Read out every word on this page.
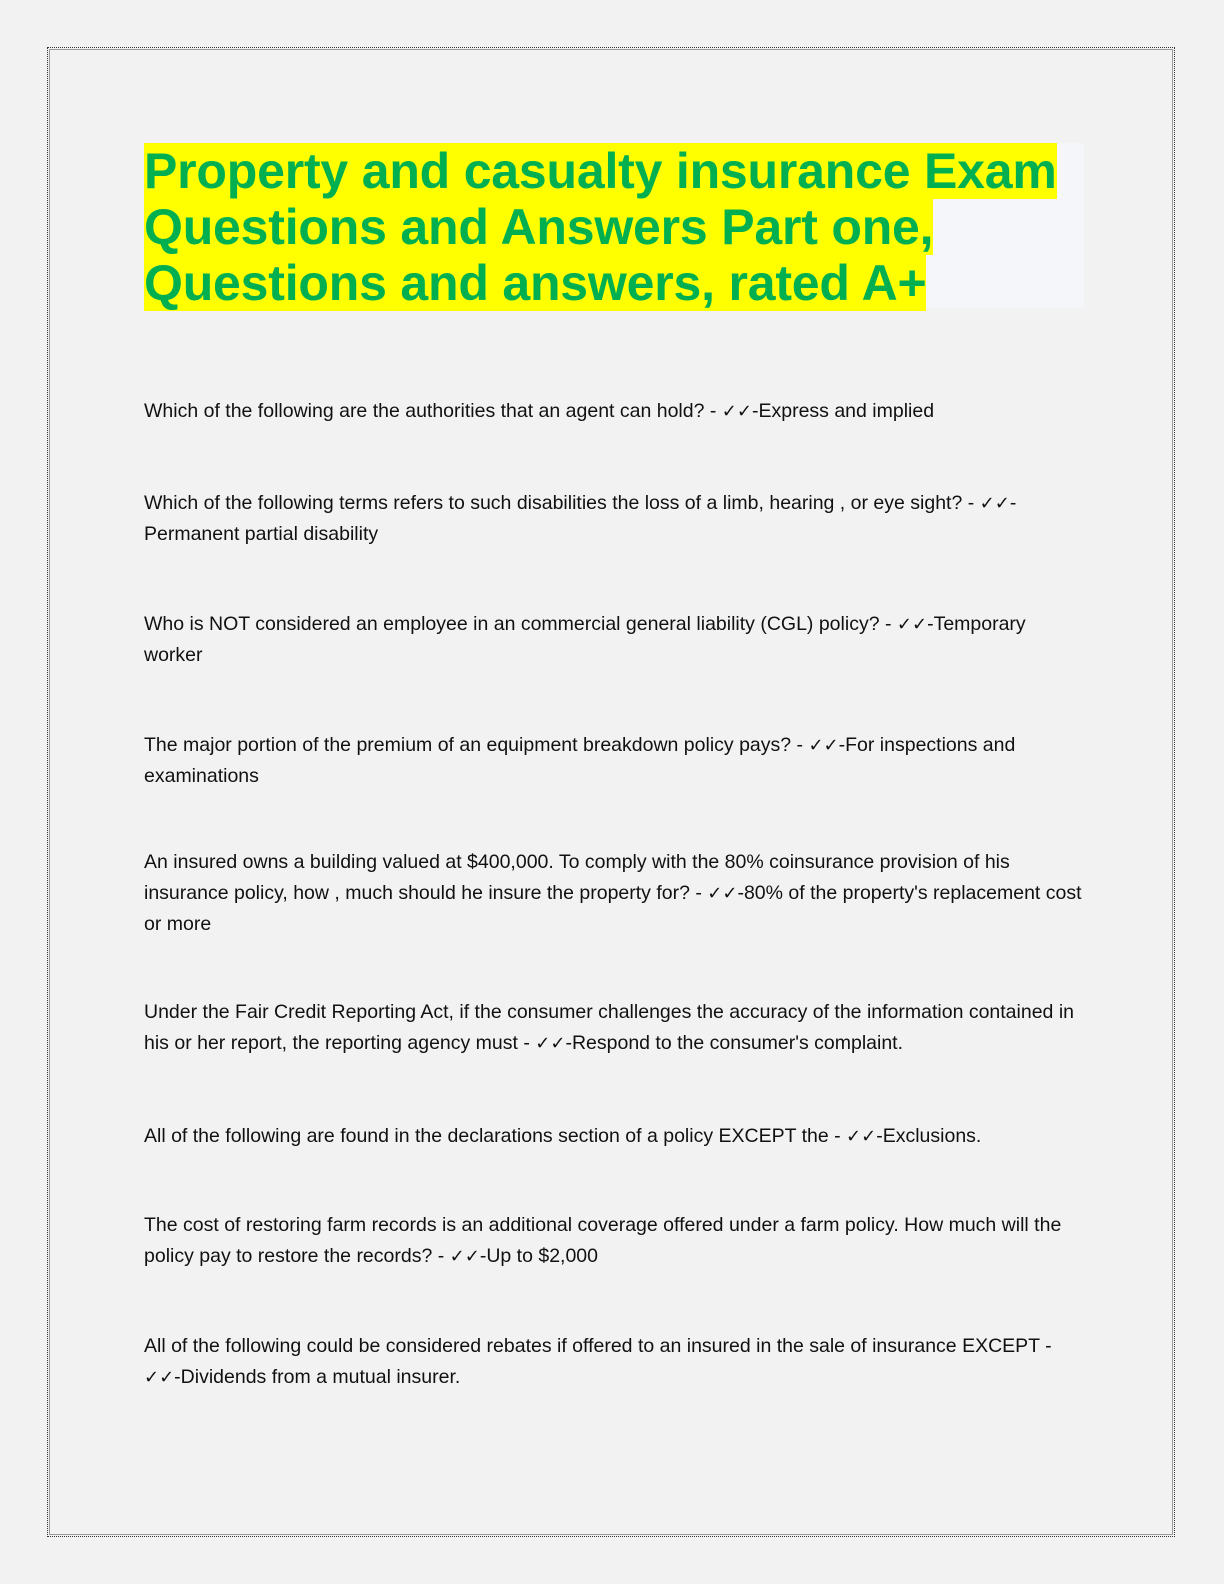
Property and casualty insurance Exam
Questions and Answers Part one,
Questions and answers, rated A+

Which of the following are the authorities that an agent can hold? - ✓✓-Express and implied

Which of the following terms refers to such disabilities the loss of a limb, hearing , or eye sight? - ✓✓-Permanent partial disability

Who is NOT considered an employee in an commercial general liability (CGL) policy? - ✓✓-Temporary worker

The major portion of the premium of an equipment breakdown policy pays? - ✓✓-For inspections and examinations

An insured owns a building valued at $400,000. To comply with the 80% coinsurance provision of his insurance policy, how , much should he insure the property for? - ✓✓-80% of the property's replacement cost or more

Under the Fair Credit Reporting Act, if the consumer challenges the accuracy of the information contained in his or her report, the reporting agency must - ✓✓-Respond to the consumer's complaint.

All of the following are found in the declarations section of a policy EXCEPT the - ✓✓-Exclusions.

The cost of restoring farm records is an additional coverage offered under a farm policy. How much will the policy pay to restore the records? - ✓✓-Up to $2,000

All of the following could be considered rebates if offered to an insured in the sale of insurance EXCEPT - ✓✓-Dividends from a mutual insurer.
